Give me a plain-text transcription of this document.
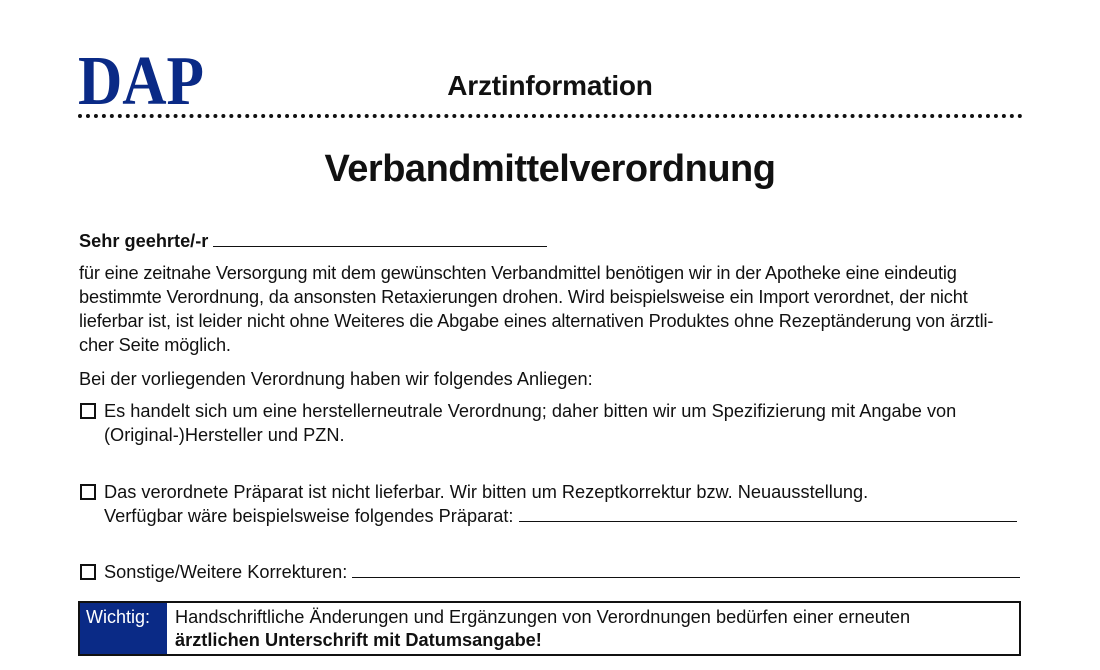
DAP	Arztinformation
Verbandmittelverordnung
Sehr geehrte/-r
für eine zeitnahe Versorgung mit dem gewünschten Verbandmittel benötigen wir in der Apotheke eine eindeutig
bestimmte Verordnung, da ansonsten Retaxierungen drohen. Wird beispielsweise ein Import verordnet, der nicht
lieferbar ist, ist leider nicht ohne Weiteres die Abgabe eines alternativen Produktes ohne Rezeptänderung von ärztli-
cher Seite möglich.
Bei der vorliegenden Verordnung haben wir folgendes Anliegen:
Es handelt sich um eine herstellerneutrale Verordnung; daher bitten wir um Spezifizierung mit Angabe von
(Original-)Hersteller und PZN.
Das verordnete Präparat ist nicht lieferbar. Wir bitten um Rezeptkorrektur bzw. Neuausstellung.
Verfügbar wäre beispielsweise folgendes Präparat:
Sonstige/Weitere Korrekturen:
Wichtig:	Handschriftliche Änderungen und Ergänzungen von Verordnungen bedürfen einer erneuten
ärztlichen Unterschrift mit Datumsangabe!
